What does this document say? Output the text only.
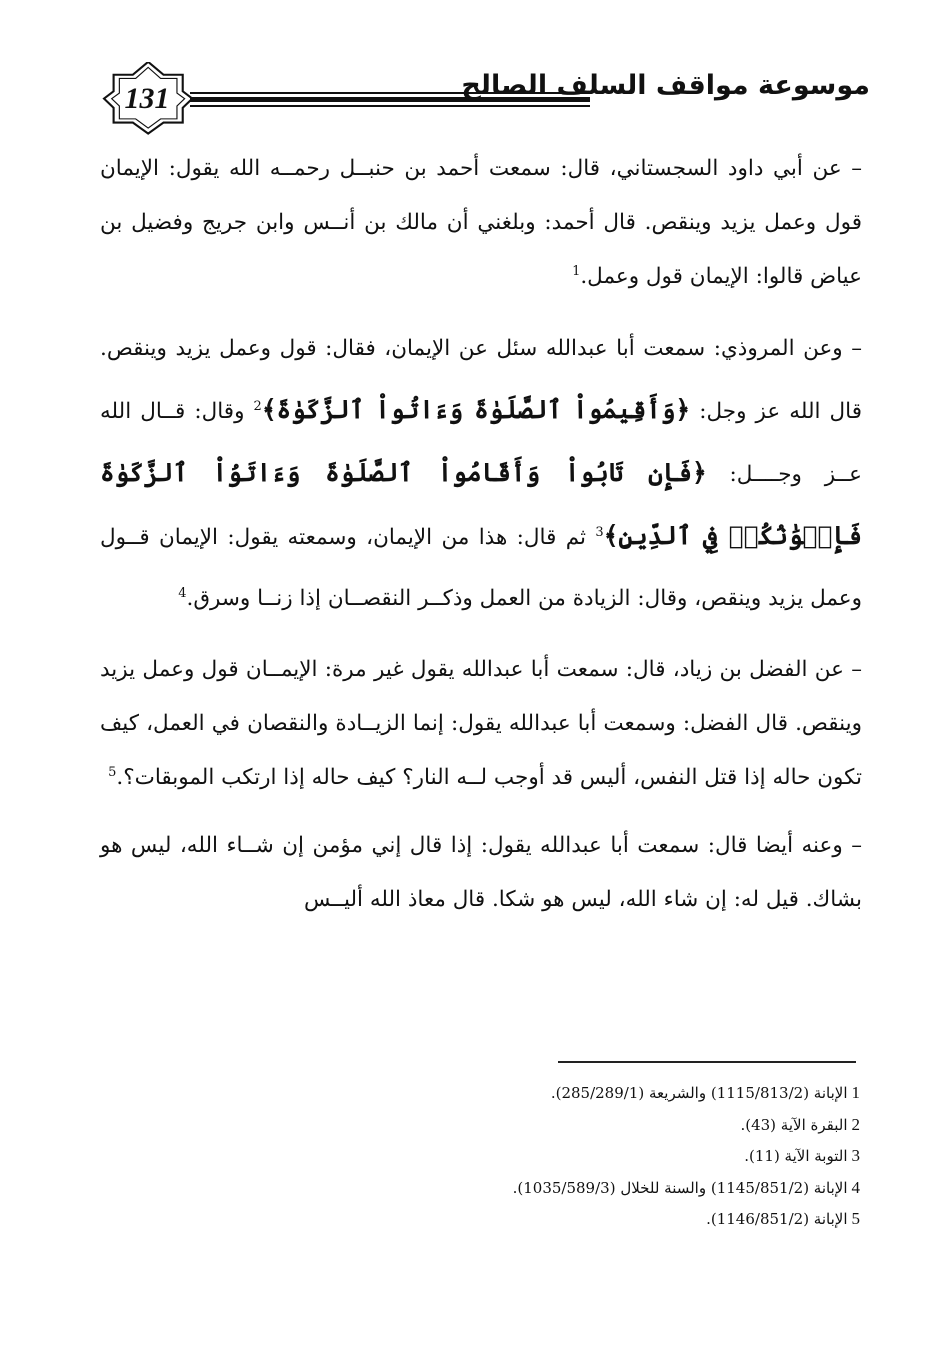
131	موسوعة مواقف السلف الصالح

– عن أبي داود السجستاني، قال: سمعت أحمد بن حنبــل رحمــه الله يقول: الإيمان قول وعمل يزيد وينقص. قال أحمد: وبلغني أن مالك بن أنــس وابن جريج وفضيل بن عياض قالوا: الإيمان قول وعمل.$^1$

– وعن المروذي: سمعت أبا عبدالله سئل عن الإيمان، فقال: قول وعمل يزيد وينقص. قال الله عز وجل: ﴿وَأَقِيمُواْ ٱلصَّلَوٰةَ وَءَاتُواْ ٱلزَّكَوٰةَ﴾$^2$ وقال: قــال الله عــز وجــــل: ﴿فَإِن تَابُواْ وَأَقَامُواْ ٱلصَّلَوٰةَ وَءَاتَوُاْ ٱلزَّكَوٰةَ فَإِخۡوَٰنُكُمۡ فِي ٱلدِّينِ﴾$^3$ ثم قال: هذا من الإيمان، وسمعته يقول: الإيمان قــول وعمل يزيد وينقص، وقال: الزيادة من العمل وذكــر النقصــان إذا زنــا وسرق.$^4$

– عن الفضل بن زياد، قال: سمعت أبا عبدالله يقول غير مرة: الإيمــان قول وعمل يزيد وينقص. قال الفضل: وسمعت أبا عبدالله يقول: إنما الزيــادة والنقصان في العمل، كيف تكون حاله إذا قتل النفس، أليس قد أوجب لــه النار؟ كيف حاله إذا ارتكب الموبقات؟.$^5$

– وعنه أيضا قال: سمعت أبا عبدالله يقول: إذا قال إني مؤمن إن شــاء الله، ليس هو بشاك. قيل له: إن شاء الله، ليس هو شكا. قال معاذ الله أليــس

1الإبانة (1115/813/2) والشريعة (285/289/1).
2البقرة الآية (43).
3التوبة الآية (11).
4الإبانة (1145/851/2) والسنة للخلال (1035/589/3).
5الإبانة (1146/851/2).
